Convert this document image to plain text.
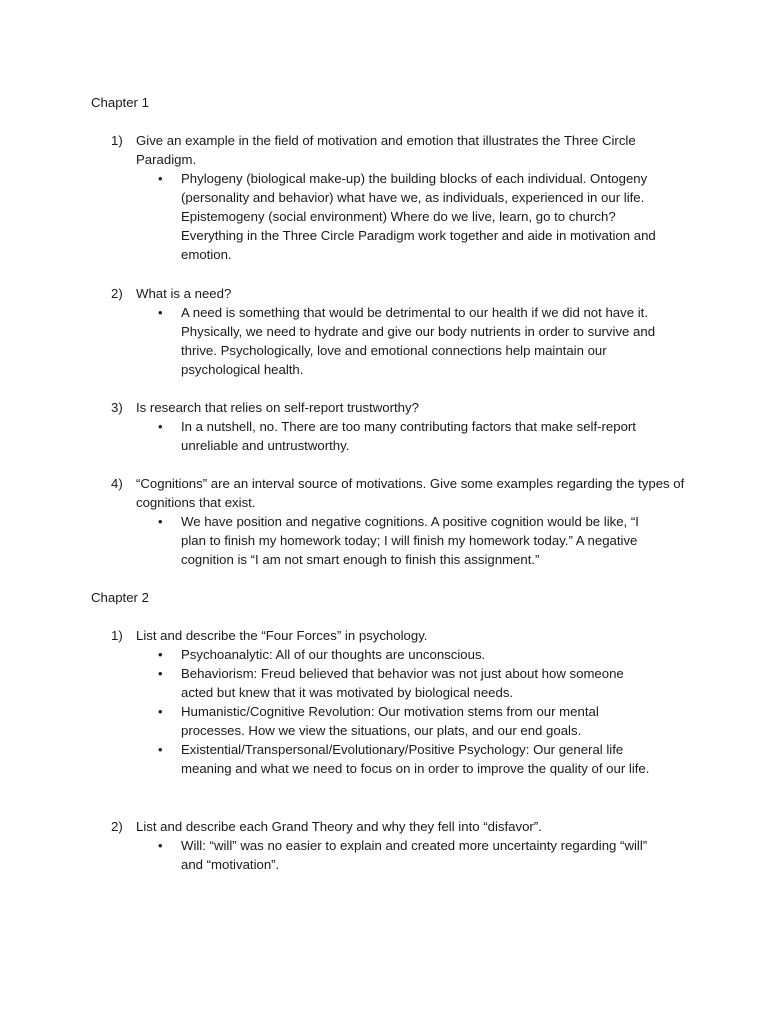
Chapter 1
1)	Give an example in the field of motivation and emotion that illustrates the Three Circle Paradigm.
• Phylogeny (biological make-up) the building blocks of each individual. Ontogeny (personality and behavior) what have we, as individuals, experienced in our life. Epistemogeny (social environment) Where do we live, learn, go to church? Everything in the Three Circle Paradigm work together and aide in motivation and emotion.
2)	What is a need?
• A need is something that would be detrimental to our health if we did not have it. Physically, we need to hydrate and give our body nutrients in order to survive and thrive. Psychologically, love and emotional connections help maintain our psychological health.
3)	Is research that relies on self-report trustworthy?
• In a nutshell, no. There are too many contributing factors that make self-report unreliable and untrustworthy.
4)	“Cognitions” are an interval source of motivations. Give some examples regarding the types of cognitions that exist.
• We have position and negative cognitions. A positive cognition would be like, “I plan to finish my homework today; I will finish my homework today.” A negative cognition is “I am not smart enough to finish this assignment.”
Chapter 2
1)	List and describe the “Four Forces” in psychology.
• Psychoanalytic: All of our thoughts are unconscious.
• Behaviorism: Freud believed that behavior was not just about how someone acted but knew that it was motivated by biological needs.
• Humanistic/Cognitive Revolution: Our motivation stems from our mental processes. How we view the situations, our plats, and our end goals.
• Existential/Transpersonal/Evolutionary/Positive Psychology: Our general life meaning and what we need to focus on in order to improve the quality of our life.
2)	List and describe each Grand Theory and why they fell into “disfavor”.
• Will: “will” was no easier to explain and created more uncertainty regarding “will” and “motivation”.
